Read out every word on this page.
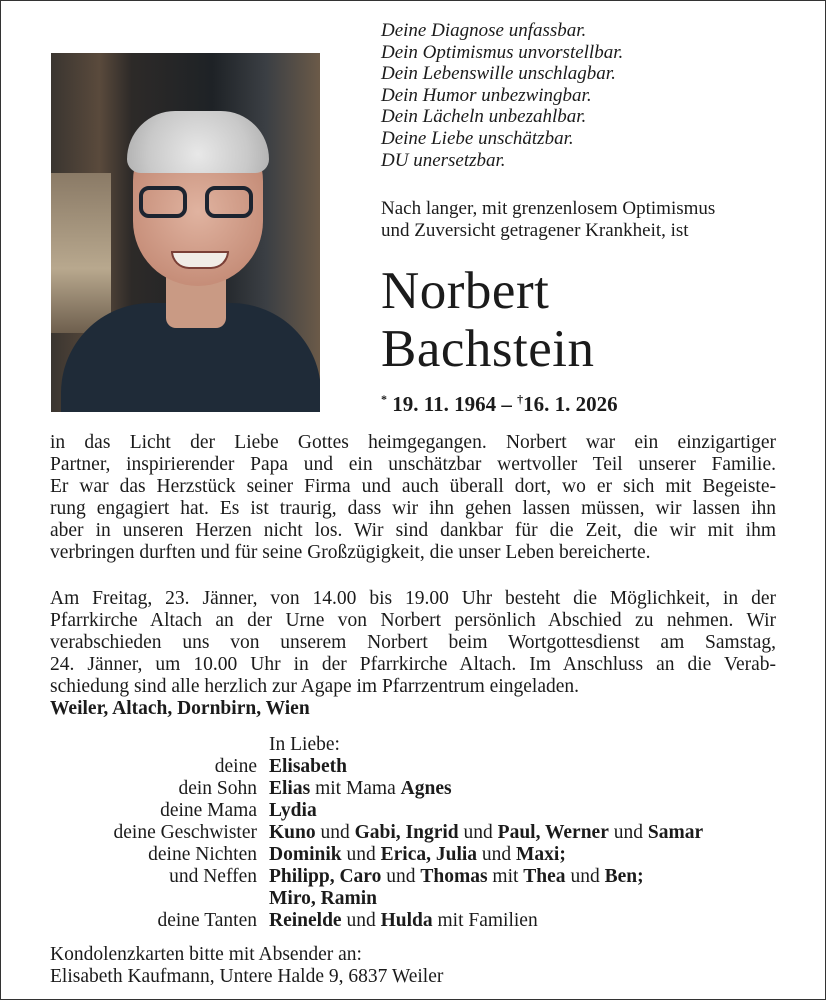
Deine Diagnose unfassbar.
Dein Optimismus unvorstellbar.
Dein Lebenswille unschlagbar.
Dein Humor unbezwingbar.
Dein Lächeln unbezahlbar.
Deine Liebe unschätzbar.
DU unersetzbar.
Nach langer, mit grenzenlosem Optimismus
und Zuversicht getragener Krankheit, ist
Norbert
Bachstein
* 19. 11. 1964 – †16. 1. 2026
in das Licht der Liebe Gottes heimgegangen. Norbert war ein einzigartiger
Partner, inspirierender Papa und ein unschätzbar wertvoller Teil unserer Familie.
Er war das Herzstück seiner Firma und auch überall dort, wo er sich mit Begeiste-
rung engagiert hat. Es ist traurig, dass wir ihn gehen lassen müssen, wir lassen ihn
aber in unseren Herzen nicht los. Wir sind dankbar für die Zeit, die wir mit ihm
verbringen durften und für seine Großzügigkeit, die unser Leben bereicherte.
Am Freitag, 23. Jänner, von 14.00 bis 19.00 Uhr besteht die Möglichkeit, in der
Pfarrkirche Altach an der Urne von Norbert persönlich Abschied zu nehmen. Wir
verabschieden uns von unserem Norbert beim Wortgottesdienst am Samstag,
24. Jänner, um 10.00 Uhr in der Pfarrkirche Altach. Im Anschluss an die Verab-
schiedung sind alle herzlich zur Agape im Pfarrzentrum eingeladen.
Weiler, Altach, Dornbirn, Wien
In Liebe:
deine Elisabeth
dein Sohn Elias mit Mama Agnes
deine Mama Lydia
deine Geschwister Kuno und Gabi, Ingrid und Paul, Werner und Samar
deine Nichten Dominik und Erica, Julia und Maxi;
und Neffen Philipp, Caro und Thomas mit Thea und Ben;
Miro, Ramin
deine Tanten Reinelde und Hulda mit Familien
Kondolenzkarten bitte mit Absender an:
Elisabeth Kaufmann, Untere Halde 9, 6837 Weiler
